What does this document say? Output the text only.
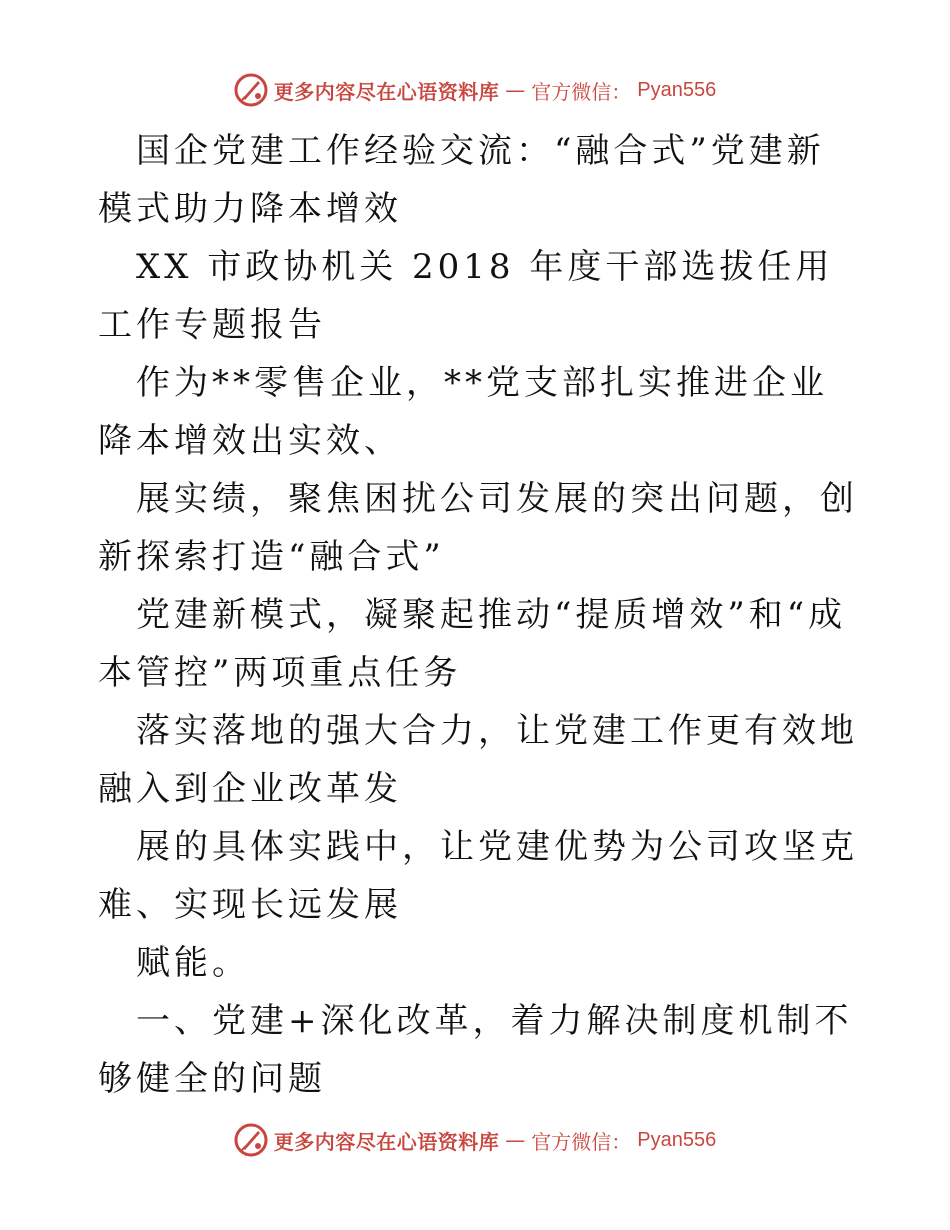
更多内容尽在心语资料库 — 官方微信： Pyan556

国企党建工作经验交流：“融合式”党建新模式助力降本增效

XX 市政协机关 2018 年度干部选拔任用工作专题报告

作为**零售企业，**党支部扎实推进企业降本增效出实效、

展实绩，聚焦困扰公司发展的突出问题，创新探索打造“融合式”

党建新模式，凝聚起推动“提质增效”和“成本管控”两项重点任务

落实落地的强大合力，让党建工作更有效地融入到企业改革发

展的具体实践中，让党建优势为公司攻坚克难、实现长远发展

赋能。

一、党建+深化改革，着力解决制度机制不够健全的问题

更多内容尽在心语资料库 — 官方微信： Pyan556
